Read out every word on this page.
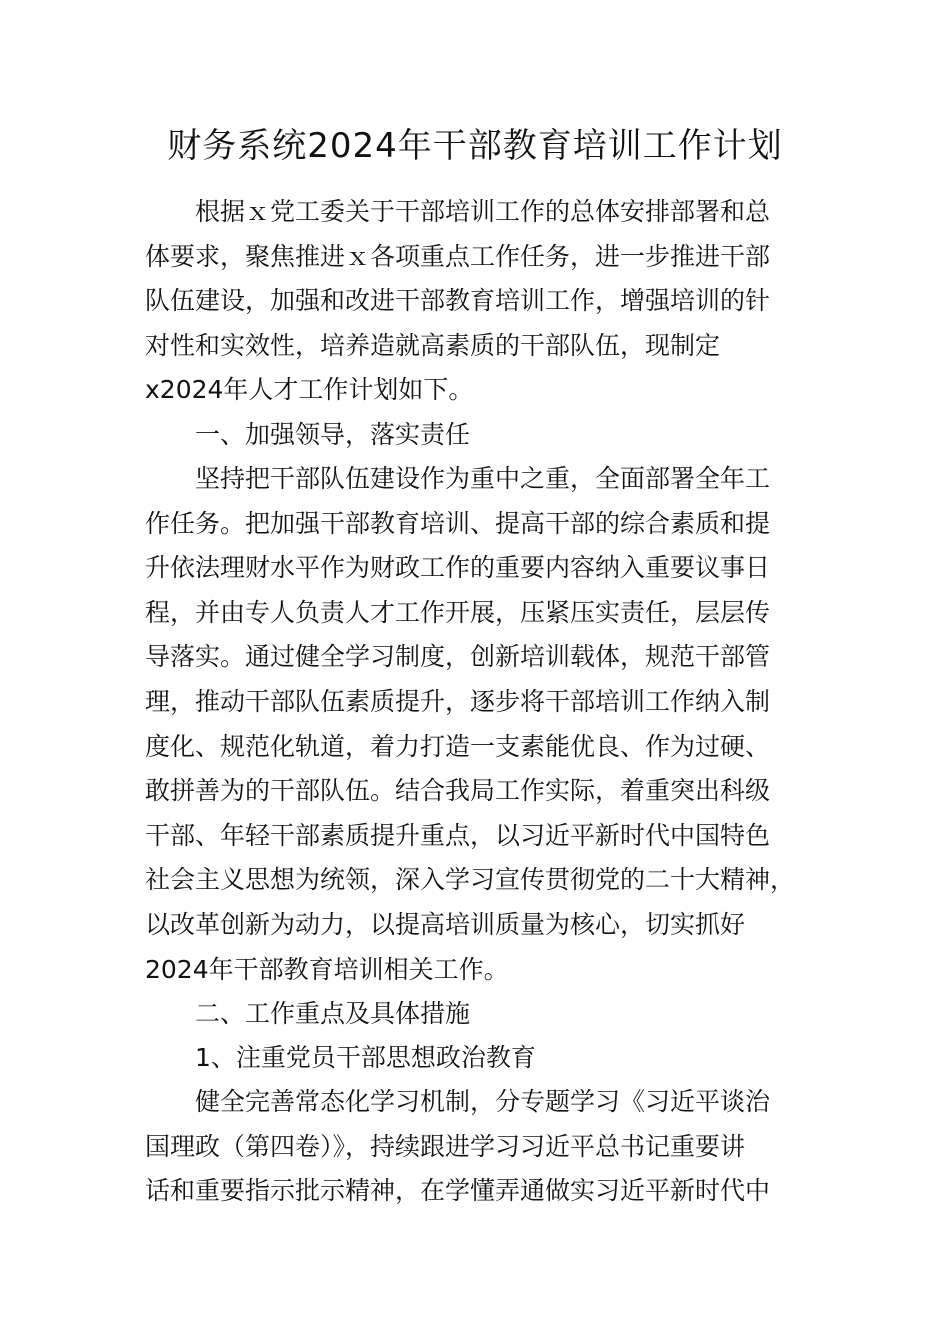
财务系统2024年干部教育培训工作计划

根据ｘ党工委关于干部培训工作的总体安排部署和总
体要求，聚焦推进ｘ各项重点工作任务，进一步推进干部
队伍建设，加强和改进干部教育培训工作，增强培训的针
对性和实效性，培养造就高素质的干部队伍，现制定
x2024年人才工作计划如下。

一、加强领导，落实责任

坚持把干部队伍建设作为重中之重，全面部署全年工
作任务。把加强干部教育培训、提高干部的综合素质和提
升依法理财水平作为财政工作的重要内容纳入重要议事日
程，并由专人负责人才工作开展，压紧压实责任，层层传
导落实。通过健全学习制度，创新培训载体，规范干部管
理，推动干部队伍素质提升，逐步将干部培训工作纳入制
度化、规范化轨道，着力打造一支素能优良、作为过硬、
敢拼善为的干部队伍。结合我局工作实际，着重突出科级
干部、年轻干部素质提升重点，以习近平新时代中国特色
社会主义思想为统领，深入学习宣传贯彻党的二十大精神，
以改革创新为动力，以提高培训质量为核心，切实抓好
2024年干部教育培训相关工作。

二、工作重点及具体措施

1、注重党员干部思想政治教育

健全完善常态化学习机制，分专题学习《习近平谈治
国理政（第四卷）》，持续跟进学习习近平总书记重要讲
话和重要指示批示精神，在学懂弄通做实习近平新时代中
